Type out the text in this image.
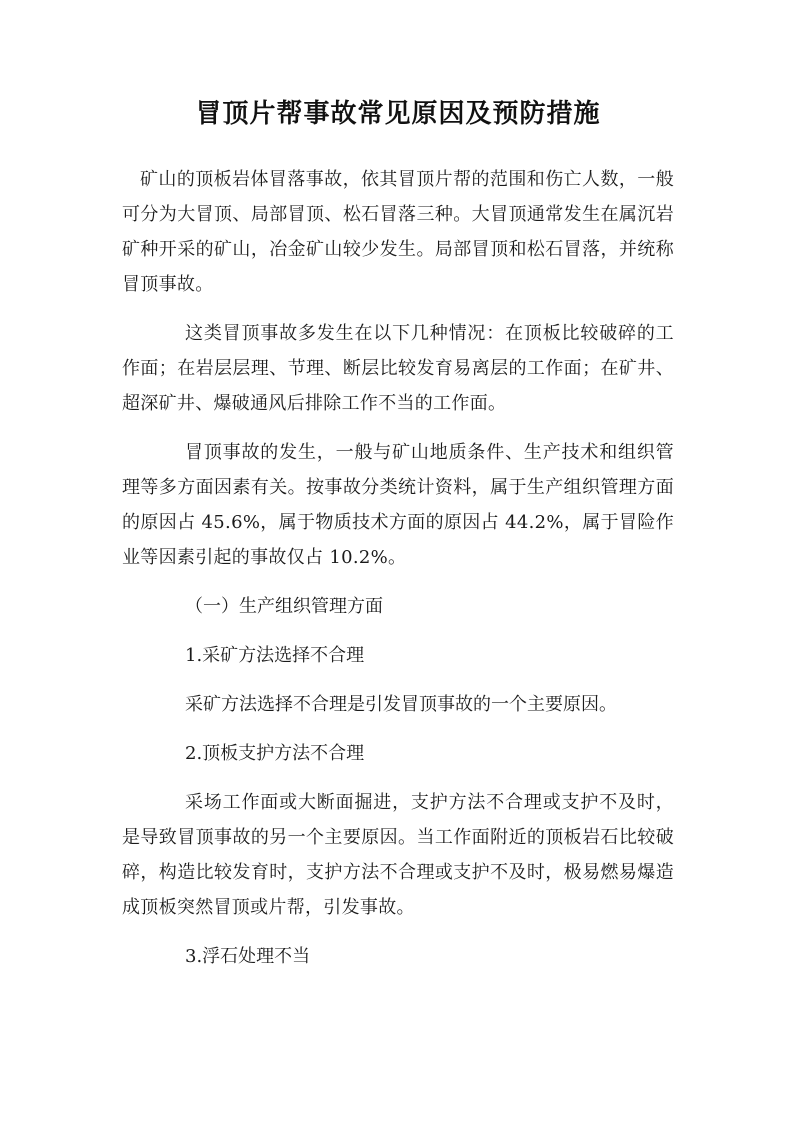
冒顶片帮事故常见原因及预防措施

矿山的顶板岩体冒落事故，依其冒顶片帮的范围和伤亡人数，一般可分为大冒顶、局部冒顶、松石冒落三种。大冒顶通常发生在属沉岩矿种开采的矿山，冶金矿山较少发生。局部冒顶和松石冒落，并统称冒顶事故。

这类冒顶事故多发生在以下几种情况：在顶板比较破碎的工作面；在岩层层理、节理、断层比较发育易离层的工作面；在矿井、超深矿井、爆破通风后排除工作不当的工作面。

冒顶事故的发生，一般与矿山地质条件、生产技术和组织管理等多方面因素有关。按事故分类统计资料，属于生产组织管理方面的原因占 45.6%，属于物质技术方面的原因占 44.2%，属于冒险作业等因素引起的事故仅占 10.2%。

（一）生产组织管理方面

1.采矿方法选择不合理

采矿方法选择不合理是引发冒顶事故的一个主要原因。

2.顶板支护方法不合理

采场工作面或大断面掘进，支护方法不合理或支护不及时，是导致冒顶事故的另一个主要原因。当工作面附近的顶板岩石比较破碎，构造比较发育时，支护方法不合理或支护不及时，极易燃易爆造成顶板突然冒顶或片帮，引发事故。

3.浮石处理不当
